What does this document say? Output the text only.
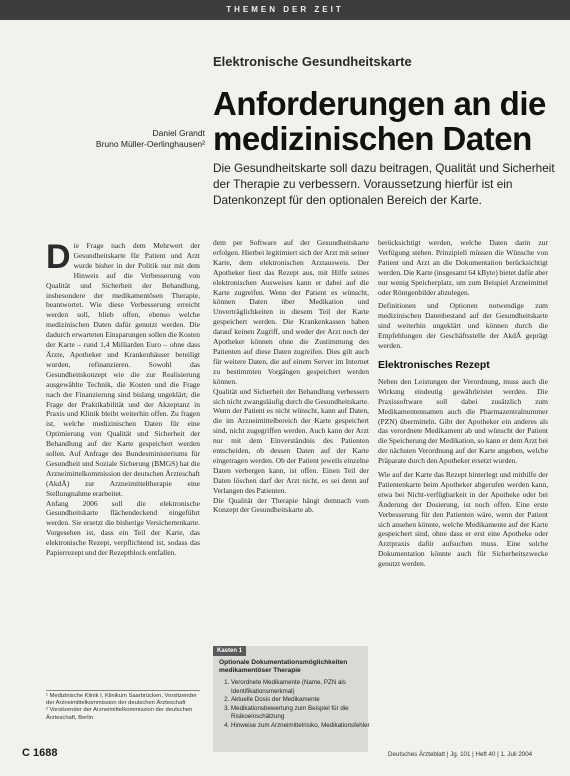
THEMEN DER ZEIT
Elektronische Gesundheitskarte
Anforderungen an die
medizinischen Daten
Daniel Grandt
Bruno Müller-Oerlinghausen²
Die Gesundheitskarte soll dazu beitragen, Qualität und Sicherheit der Therapie zu verbessern. Voraussetzung hierfür ist ein Datenkonzept für den optionalen Bereich der Karte.
D ie Frage nach dem Mehrwert der Gesundheitskarte für Patient und Arzt wurde bisher in der Politik nur mit dem Hinweis auf die Verbesserung von Qualität und Sicherheit der Behandlung, insbesondere der medikamentösen Therapie, beantwortet. Wie diese Verbesserung erreicht werden soll, blieb offen, ebenso welche medizinischen Daten dafür genutzt werden. Die dadurch erwarteten Einsparungen sollen die Kosten der Karte – rund 1,4 Milliarden Euro – ohne dass Ärzte, Apotheker und Krankenhäuser beteiligt wurden, refinanzieren. Sowohl das Gesundheitskonzept wie die zur Realisierung ausgewählte Technik, die Kosten und die Frage nach der Finanzierung sind bislang ungeklärt; die Frage der Praktikabilität und der Akzeptanz in Praxis und Klinik bleibt weiterhin offen. Zu fragen ist, welche medizinischen Daten für eine Optimierung von Qualität und Sicherheit der Behandlung auf der Karte gespeichert werden sollen. Auf Anfrage des Bundesministeriums für Gesundheit und Soziale Sicherung (BMGS) hat die Arzneimittelkommission der deutschen Ärzteschaft (AkdÄ) zur Arzneimitteltherapie eine Stellungnahme erarbeitet.

Anfang 2006 soll die elektronische Gesundheitskarte flächendeckend eingeführt werden. Sie ersetzt die bisherige Versichertenkarte. Vorgesehen ist, dass ein Teil der Karte, das elektronische Rezept, verpflichtend ist, sodass das Papierrezept und der Rezeptblock entfallen.

¹ Medizinische Klinik I, Klinikum Saarbrücken, Vorsitzender der Arzneimittelkommission der deutschen Ärzteschaft
² Vorsitzender der Arzneimittelkommission der deutschen Ärzteschaft, Berlin

dem per Software auf der Gesundheitskarte erfolgen. Hierbei legitimiert sich der Arzt mit seiner Karte, dem elektronischen Arztausweis. Der Apotheker liest das Rezept aus, mit Hilfe seines elektronischen Ausweises kann er dabei auf die Karte zugreifen. Wenn der Patient es wünscht, können Daten über Medikation und Unverträglichkeiten in diesem Teil der Karte gespeichert werden. Die Krankenkassen haben darauf keinen Zugriff, und weder der Arzt noch der Apotheker können ohne die Zustimmung des Patienten auf diese Daten zugreifen. Dies gilt auch für weitere Daten, die auf einem Server im Internet zu bestimmten Vorgängen gespeichert werden können.

Qualität und Sicherheit der Behandlung verbessern sich nicht zwangsläufig durch die Gesundheitskarte. Wenn der Patient es nicht wünscht, kann auf Daten, die im Arzneimittelbereich der Karte gespeichert sind, nicht zugegriffen werden. Auch kann der Arzt nur mit dem Einverständnis des Patienten entscheiden, ob dessen Daten auf der Karte eingetragen werden. Ob der Patient jeweils einzelne Daten verbergen kann, ist offen. Einen Teil der Daten löschen darf der Arzt nicht, es sei denn auf Verlangen des Patienten.

Die Qualität der Therapie hängt demnach vom Konzept der Gesundheitskarte ab.

Kasten 1
Optionale Dokumentationsmöglichkeiten medikamentöser Therapie
1. Verordnete Medikamente (Name, PZN als Identifikationsmerkmal)
2. Aktuelle Dosis der Medikamente
3. Medikationsbewertung zum Beispiel für die Risikoeinschätzung
4. Hinweise zum Arzneimittelrisiko, Medikationsfehler

berücksichtigt werden, welche Daten darin zur Verfügung stehen. Prinzipiell müssen die Wünsche von Patient und Arzt an die Dokumentation berücksichtigt werden. Die Karte (insgesamt 64 kByte) bietet dafür aber nur wenig Speicherplatz, um zum Beispiel Arzneimittel oder Röntgenbilder abzulegen.

Definitionen und Optionen notwendige zum medizinischen Datenbestand auf der Gesundheitskarte sind weiterhin ungeklärt und können durch die Empfehlungen der Geschäftsstelle der AkdÄ geprägt werden.

Elektronisches Rezept

Neben den Leistungen der Verordnung, muss auch die Wirkung eindeutig gewährleistet werden. Die Praxissoftware soll dabei zusätzlich zum Medikamentennamen auch die Pharmazentralnummer (PZN) übermitteln. Gibt der Apotheker ein anderes als das verordnete Medikament ab und wünscht der Patient die Speicherung der Medikation, so kann er dem Arzt bei der nächsten Verordnung auf der Karte angeben, welche Präparate durch den Apotheker ersetzt wurden.

Wie auf der Karte das Rezept hinterlegt und mithilfe der Patientenkarte beim Apotheker abgerufen werden kann, etwa bei Nicht-verfügbarkeit in der Apotheke oder bei Änderung der Dosierung, ist noch offen. Eine erste Verbesserung für den Patienten wäre, wenn der Patient sich ansehen könnte, welche Medikamente auf der Karte gespeichert sind, ohne dass er erst eine Apotheke oder Arztpraxis dafür aufsuchen muss. Eine solche Dokumentation könnte auch für Sicherheitszwecke genutzt werden.

C 1688	Deutsches Ärzteblatt | Jg. 101 | Heft 40 | 1. Juli 2004
